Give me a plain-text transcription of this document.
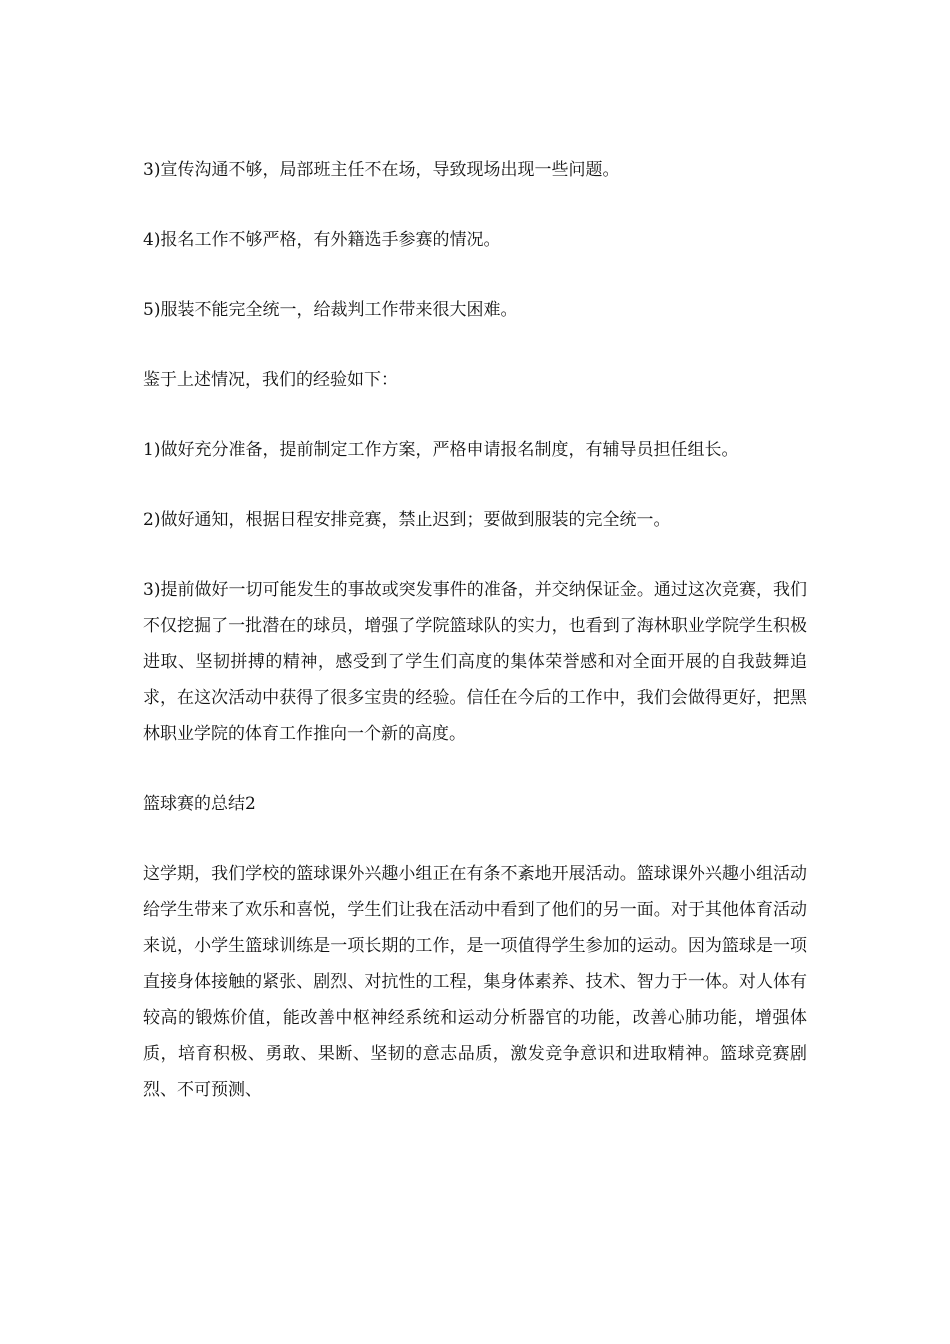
3)宣传沟通不够，局部班主任不在场，导致现场出现一些问题。

4)报名工作不够严格，有外籍选手参赛的情况。

5)服装不能完全统一，给裁判工作带来很大困难。

鉴于上述情况，我们的经验如下：

1)做好充分准备，提前制定工作方案，严格申请报名制度，有辅导员担任组长。

2)做好通知，根据日程安排竞赛，禁止迟到；要做到服装的完全统一。

3)提前做好一切可能发生的事故或突发事件的准备，并交纳保证金。通过这次竞赛，我们不仅挖掘了一批潜在的球员，增强了学院篮球队的实力，也看到了海林职业学院学生积极进取、坚韧拼搏的精神，感受到了学生们高度的集体荣誉感和对全面开展的自我鼓舞追求，在这次活动中获得了很多宝贵的经验。信任在今后的工作中，我们会做得更好，把黑林职业学院的体育工作推向一个新的高度。

篮球赛的总结2

这学期，我们学校的篮球课外兴趣小组正在有条不紊地开展活动。篮球课外兴趣小组活动给学生带来了欢乐和喜悦，学生们让我在活动中看到了他们的另一面。对于其他体育活动来说，小学生篮球训练是一项长期的工作，是一项值得学生参加的运动。因为篮球是一项直接身体接触的紧张、剧烈、对抗性的工程，集身体素养、技术、智力于一体。对人体有较高的锻炼价值，能改善中枢神经系统和运动分析器官的功能，改善心肺功能，增强体质，培育积极、勇敢、果断、坚韧的意志品质，激发竞争意识和进取精神。篮球竞赛剧烈、不可预测、
